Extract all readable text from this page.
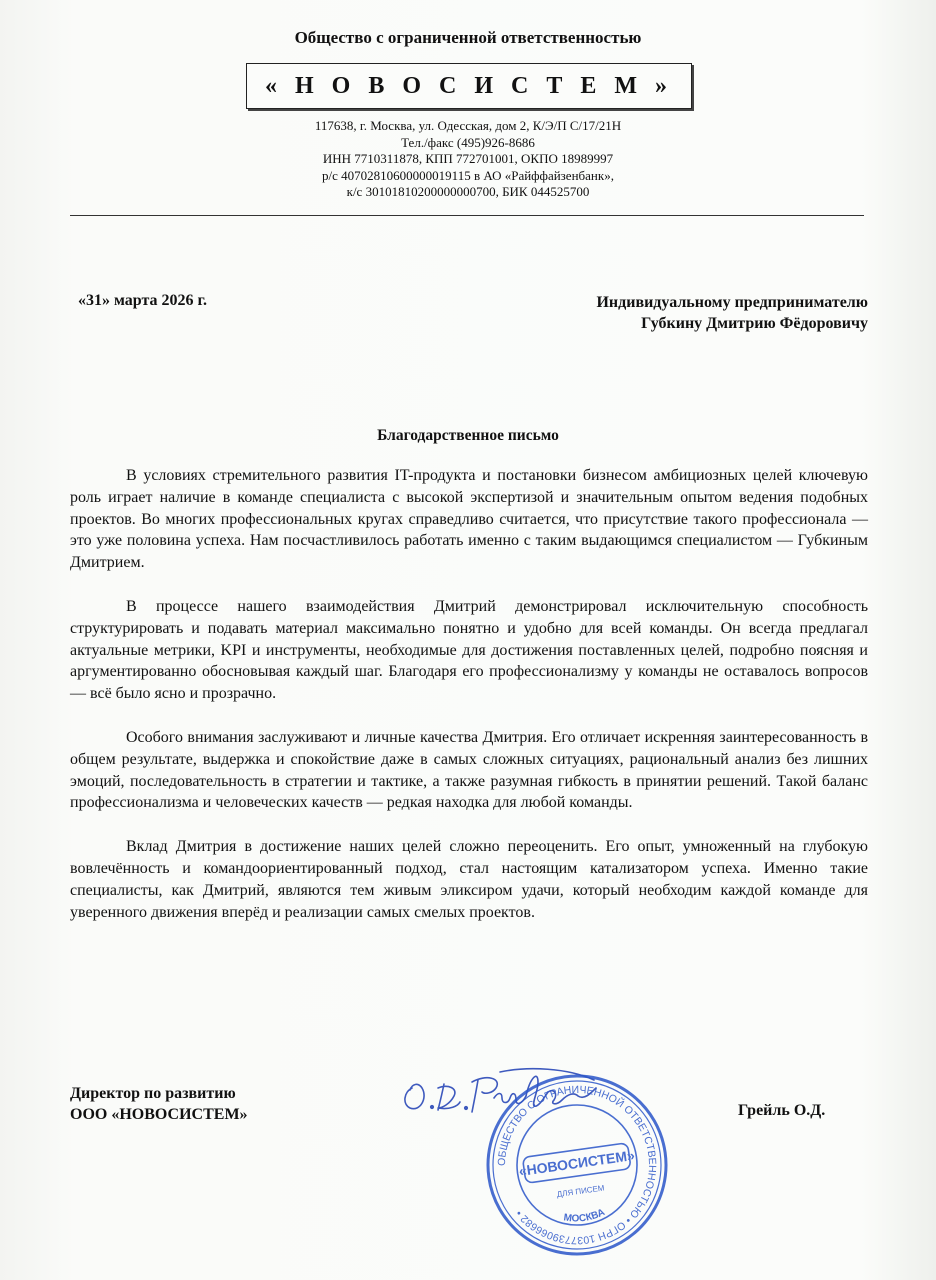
Общество с ограниченной ответственностью
« Н О В О С И С Т Е М »
117638, г. Москва, ул. Одесская, дом 2, К/Э/П С/17/21Н
Тел./факс (495)926-8686
ИНН 7710311878, КПП 772701001, ОКПО 18989997
р/с 40702810600000019115 в АО «Райффайзенбанк»,
к/с 30101810200000000700, БИК 044525700
«31» марта 2026 г.	Индивидуальному предпринимателю
Губкину Дмитрию Фёдоровичу
Благодарственное письмо

В условиях стремительного развития IT-продукта и постановки бизнесом амбициозных целей ключевую роль играет наличие в команде специалиста с высокой экспертизой и значительным опытом ведения подобных проектов. Во многих профессиональных кругах справедливо считается, что присутствие такого профессионала — это уже половина успеха. Нам посчастливилось работать именно с таким выдающимся специалистом — Губкиным Дмитрием.

В процессе нашего взаимодействия Дмитрий демонстрировал исключительную способность структурировать и подавать материал максимально понятно и удобно для всей команды. Он всегда предлагал актуальные метрики, KPI и инструменты, необходимые для достижения поставленных целей, подробно поясняя и аргументированно обосновывая каждый шаг. Благодаря его профессионализму у команды не оставалось вопросов — всё было ясно и прозрачно.

Особого внимания заслуживают и личные качества Дмитрия. Его отличает искренняя заинтересованность в общем результате, выдержка и спокойствие даже в самых сложных ситуациях, рациональный анализ без лишних эмоций, последовательность в стратегии и тактике, а также разумная гибкость в принятии решений. Такой баланс профессионализма и человеческих качеств — редкая находка для любой команды.

Вклад Дмитрия в достижение наших целей сложно переоценить. Его опыт, умноженный на глубокую вовлечённость и командоориентированный подход, стал настоящим катализатором успеха. Именно такие специалисты, как Дмитрий, являются тем живым эликсиром удачи, который необходим каждой команде для уверенного движения вперёд и реализации самых смелых проектов.

Директор по развитию
ООО «НОВОСИСТЕМ»	Грейль О.Д.
ОБЩЕСТВО С ОГРАНИЧЕННОЙ ОТВЕТСТВЕННОСТЬЮ • ОГРН 1037739066682 •
«НОВОСИСТЕМ»
ДЛЯ ПИСЕМ
МОСКВА
